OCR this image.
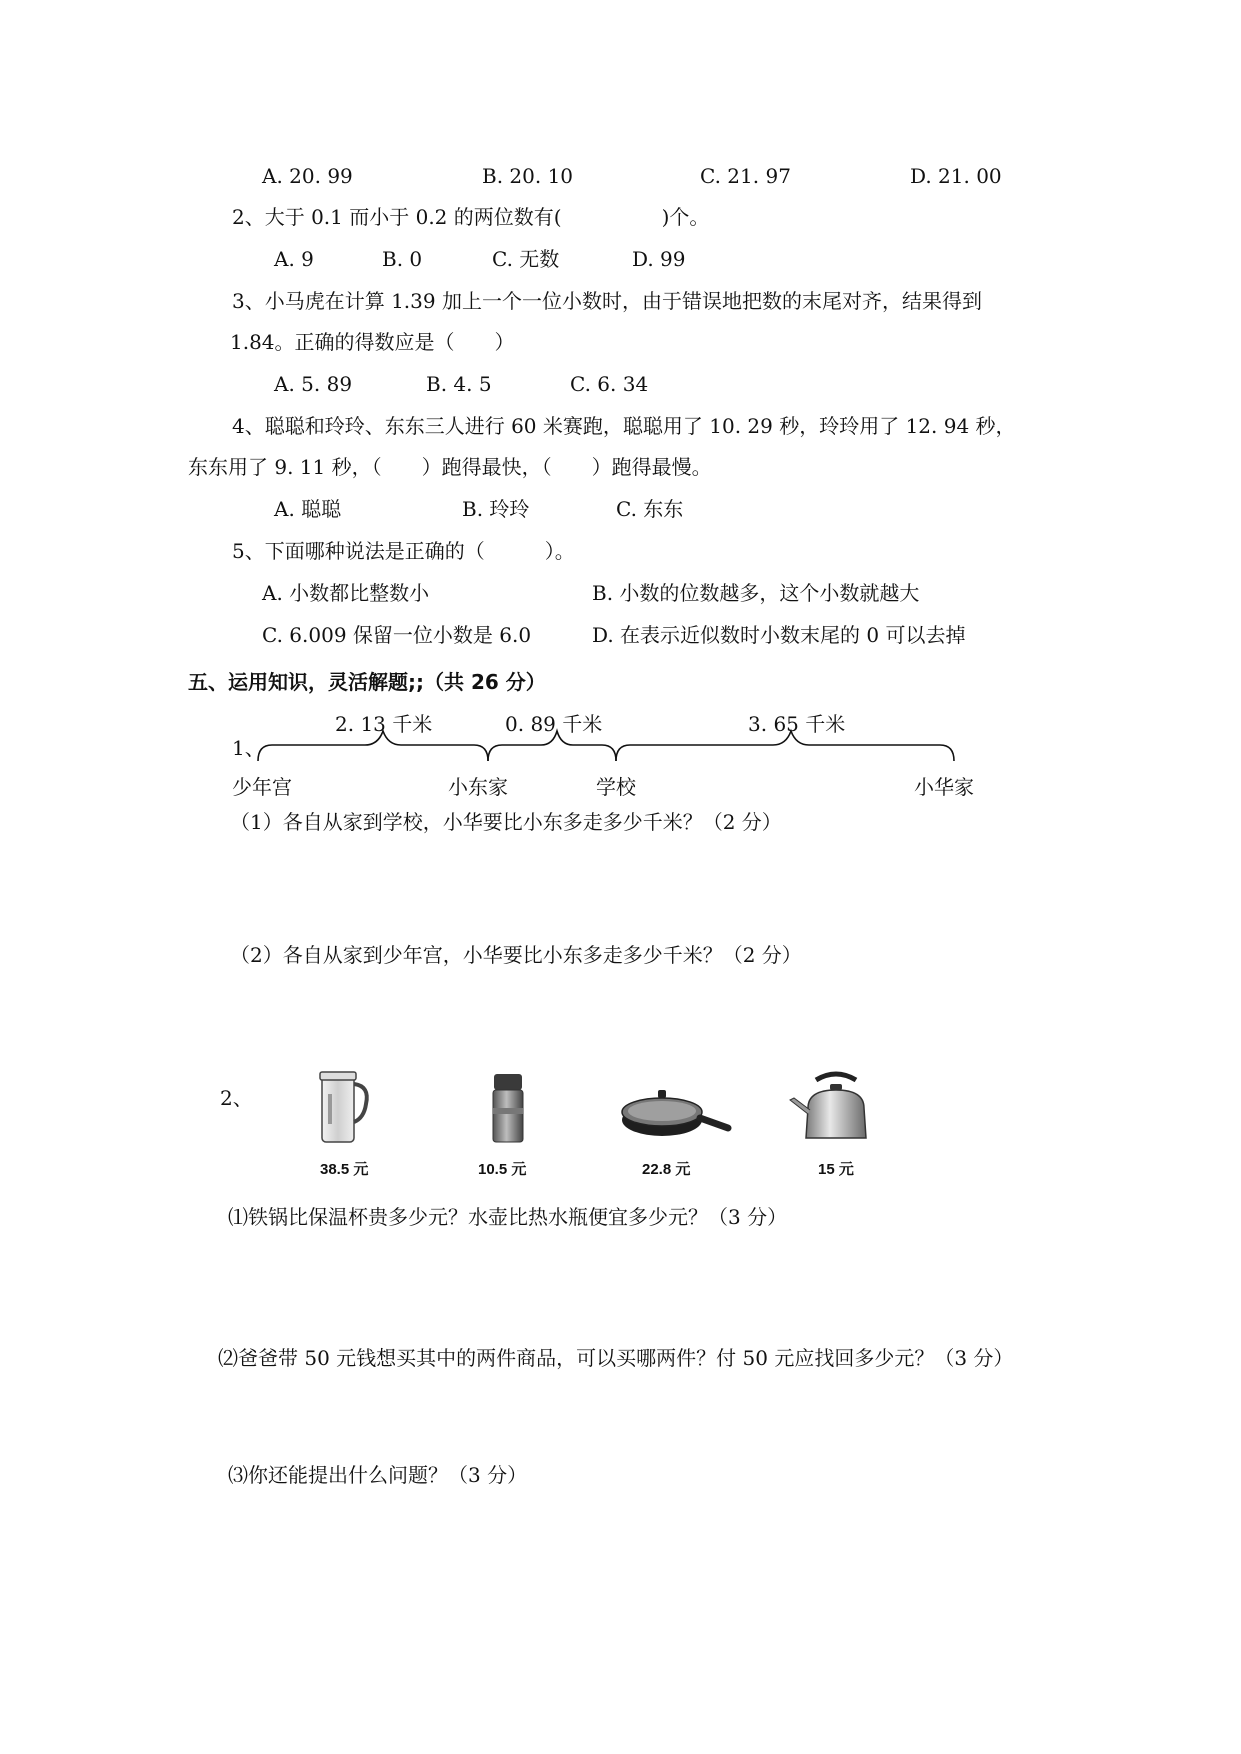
A. 20. 99	B. 20. 10	C. 21. 97	D. 21. 00
2、大于 0.1 而小于 0.2 的两位数有(　　　　　)个。
A. 9	B. 0	C. 无数	D. 99
3、小马虎在计算 1.39 加上一个一位小数时，由于错误地把数的末尾对齐，结果得到
1.84。正确的得数应是（　　）
A. 5. 89	B. 4. 5	C. 6. 34
4、聪聪和玲玲、东东三人进行 60 米赛跑，聪聪用了 10. 29 秒，玲玲用了 12. 94 秒，
东东用了 9. 11 秒，（　　）跑得最快，（　　）跑得最慢。
A. 聪聪	B. 玲玲	C. 东东
5、下面哪种说法是正确的（　　　）。
A. 小数都比整数小	B. 小数的位数越多，这个小数就越大
C. 6.009 保留一位小数是 6.0	D. 在表示近似数时小数末尾的 0 可以去掉
五、运用知识，灵活解题;;（共 26 分）
1、
2. 13 千米	0. 89 千米	3. 65 千米
少年宫	小东家	学校	小华家
（1）各自从家到学校，小华要比小东多走多少千米？（2 分）
（2）各自从家到少年宫，小华要比小东多走多少千米？（2 分）
2、
38.5 元	10.5 元	22.8 元	15 元
⑴铁锅比保温杯贵多少元？水壶比热水瓶便宜多少元？（3 分）
⑵爸爸带 50 元钱想买其中的两件商品，可以买哪两件？付 50 元应找回多少元？（3 分）
⑶你还能提出什么问题？（3 分）
